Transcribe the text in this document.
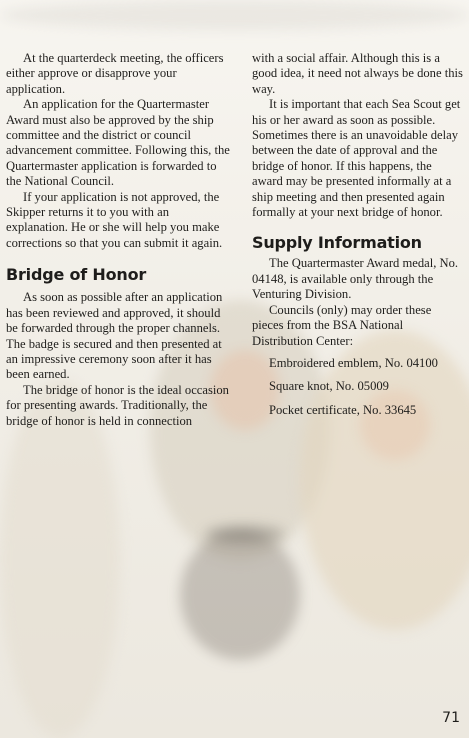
At the quarterdeck meeting, the officers either approve or disapprove your application.

An application for the Quartermaster Award must also be approved by the ship committee and the district or council advancement committee. Following this, the Quartermaster application is forwarded to the National Council.

If your application is not approved, the Skipper returns it to you with an explanation. He or she will help you make corrections so that you can submit it again.

Bridge of Honor

As soon as possible after an application has been reviewed and approved, it should be forwarded through the proper channels. The badge is secured and then presented at an impressive ceremony soon after it has been earned.

The bridge of honor is the ideal occasion for presenting awards. Traditionally, the bridge of honor is held in connection

with a social affair. Although this is a good idea, it need not always be done this way.

It is important that each Sea Scout get his or her award as soon as possible. Sometimes there is an unavoidable delay between the date of approval and the bridge of honor. If this happens, the award may be presented informally at a ship meeting and then presented again formally at your next bridge of honor.

Supply Information

The Quartermaster Award medal, No. 04148, is available only through the Venturing Division.

Councils (only) may order these pieces from the BSA National Distribution Center:

Embroidered emblem, No. 04100

Square knot, No. 05009

Pocket certificate, No. 33645

71
